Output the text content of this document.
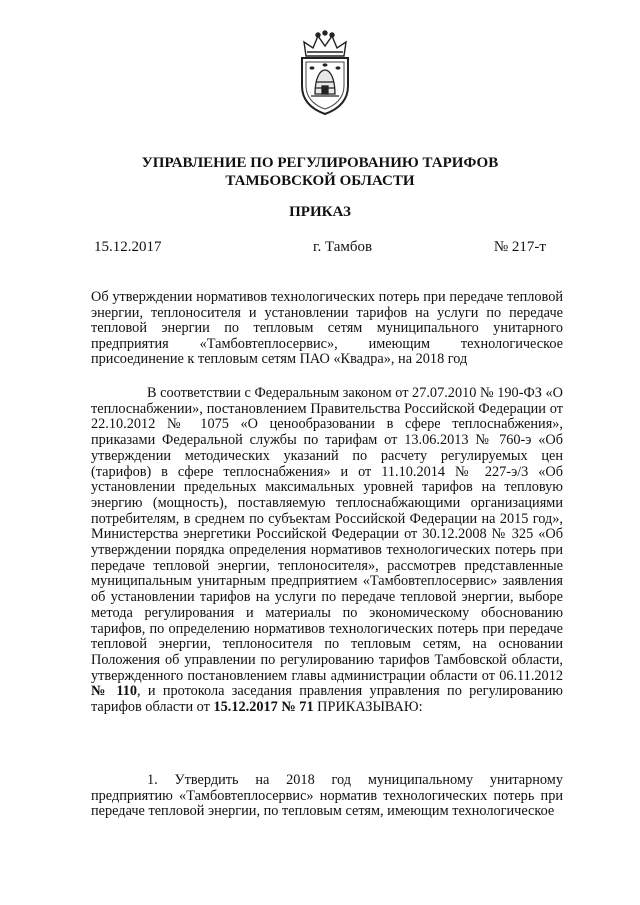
УПРАВЛЕНИЕ ПО РЕГУЛИРОВАНИЮ ТАРИФОВ
ТАМБОВСКОЙ ОБЛАСТИ
ПРИКАЗ

15.12.2017	г. Тамбов	№ 217-т

Об утверждении нормативов технологических потерь при передаче тепловой энергии, теплоносителя и установлении тарифов на услуги по передаче тепловой энергии по тепловым сетям муниципального унитарного предприятия «Тамбовтеплосервис», имеющим технологическое присоединение к тепловым сетям ПАО «Квадра», на 2018 год

В соответствии с Федеральным законом от 27.07.2010 № 190-ФЗ «О теплоснабжении», постановлением Правительства Российской Федерации от 22.10.2012 № 1075 «О ценообразовании в сфере теплоснабжения», приказами Федеральной службы по тарифам от 13.06.2013 № 760-э «Об утверждении методических указаний по расчету регулируемых цен (тарифов) в сфере теплоснабжения» и от 11.10.2014 № 227-э/3 «Об установлении предельных максимальных уровней тарифов на тепловую энергию (мощность), поставляемую теплоснабжающими организациями потребителям, в среднем по субъектам Российской Федерации на 2015 год», Министерства энергетики Российской Федерации от 30.12.2008 № 325 «Об утверждении порядка определения нормативов технологических потерь при передаче тепловой энергии, теплоносителя», рассмотрев представленные муниципальным унитарным предприятием «Тамбовтеплосервис» заявления об установлении тарифов на услуги по передаче тепловой энергии, выборе метода регулирования и материалы по экономическому обоснованию тарифов, по определению нормативов технологических потерь при передаче тепловой энергии, теплоносителя по тепловым сетям, на основании Положения об управлении по регулированию тарифов Тамбовской области, утвержденного постановлением главы администрации области от 06.11.2012 № 110, и протокола заседания правления управления по регулированию тарифов области от 15.12.2017 № 71 ПРИКАЗЫВАЮ:

1. Утвердить на 2018 год муниципальному унитарному предприятию «Тамбовтеплосервис» норматив технологических потерь при передаче тепловой энергии, по тепловым сетям, имеющим технологическое
